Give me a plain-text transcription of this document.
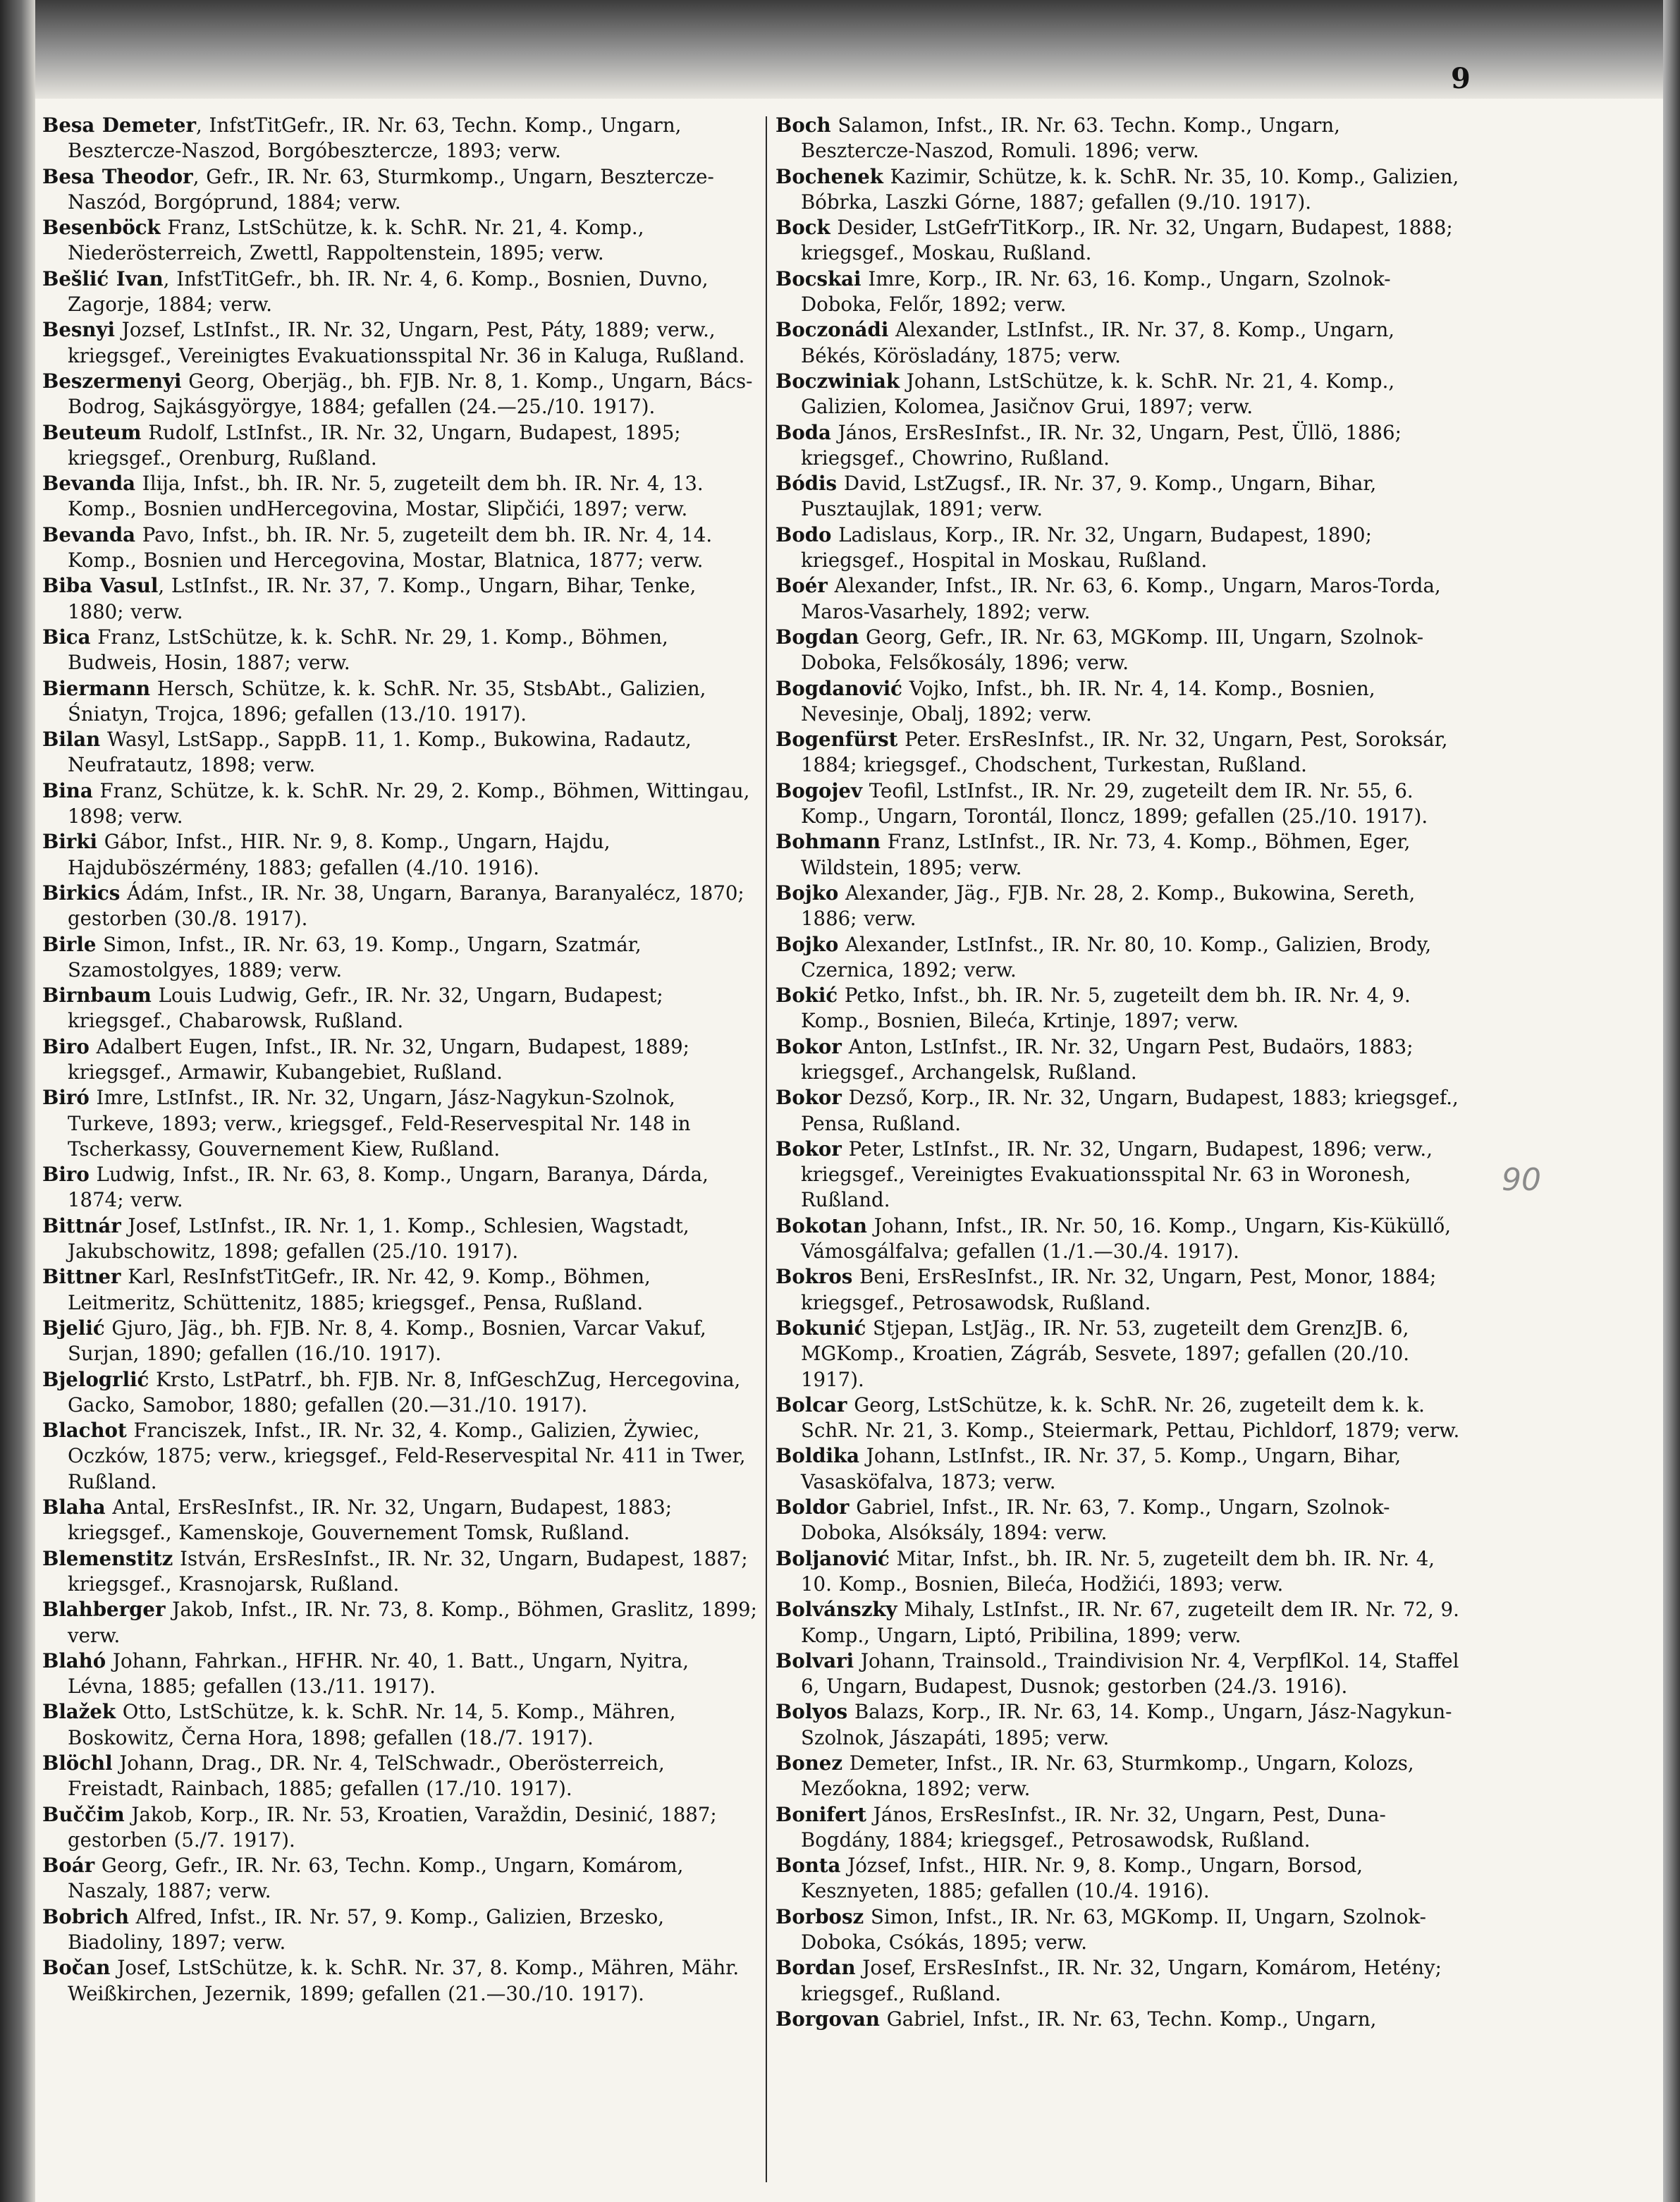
9
Besa Demeter, InfstTitGefr., IR. Nr. 63, Techn. Komp., Ungarn, Beszterczе-Naszod, Borgóbeszterczе, 1893; verw.
Besa Theodor, Gefr., IR. Nr. 63, Sturmkomp., Ungarn, Beszterczе-Naszód, Borgóprund, 1884; verw.
Besenböck Franz, LstSchütze, k. k. SchR. Nr. 21, 4. Komp., Niederösterreich, Zwettl, Rappoltenstein, 1895; verw.
Bešlić Ivan, InfstTitGefr., bh. IR. Nr. 4, 6. Komp., Bosnien, Duvno, Zagorje, 1884; verw.
Besnyi Jozsef, LstInfst., IR. Nr. 32, Ungarn, Pest, Páty, 1889; verw., kriegsgef., Vereinigtes Evakuationsspital Nr. 36 in Kaluga, Rußland.
Beszermenyi Georg, Oberjäg., bh. FJB. Nr. 8, 1. Komp., Ungarn, Bács-Bodrog, Sajkásgyörgye, 1884; gefallen (24.—25./10. 1917).
Beuteum Rudolf, LstInfst., IR. Nr. 32, Ungarn, Budapest, 1895; kriegsgef., Orenburg, Rußland.
Bevanda Ilija, Infst., bh. IR. Nr. 5, zugeteilt dem bh. IR. Nr. 4, 13. Komp., Bosnien undHercegovina, Mostar, Slipčići, 1897; verw.
Bevanda Pavo, Infst., bh. IR. Nr. 5, zugeteilt dem bh. IR. Nr. 4, 14. Komp., Bosnien und Hercegovina, Mostar, Blatnica, 1877; verw.
Biba Vasul, LstInfst., IR. Nr. 37, 7. Komp., Ungarn, Bihar, Tenke, 1880; verw.
Bica Franz, LstSchütze, k. k. SchR. Nr. 29, 1. Komp., Böhmen, Budweis, Hosin, 1887; verw.
Biermann Hersch, Schütze, k. k. SchR. Nr. 35, StsbAbt., Galizien, Śniatyn, Trojca, 1896; gefallen (13./10. 1917).
Bilan Wasyl, LstSapp., SappB. 11, 1. Komp., Bukowina, Radautz, Neufratautz, 1898; verw.
Bina Franz, Schütze, k. k. SchR. Nr. 29, 2. Komp., Böhmen, Wittingau, 1898; verw.
Birki Gábor, Infst., HIR. Nr. 9, 8. Komp., Ungarn, Hajdu, Hajduböszérmény, 1883; gefallen (4./10. 1916).
Birkics Ádám, Infst., IR. Nr. 38, Ungarn, Baranya, Baranyalécz, 1870; gestorben (30./8. 1917).
Birle Simon, Infst., IR. Nr. 63, 19. Komp., Ungarn, Szatmár, Szamostolgyes, 1889; verw.
Birnbaum Louis Ludwig, Gefr., IR. Nr. 32, Ungarn, Budapest; kriegsgef., Chabarowsk, Rußland.
Biro Adalbert Eugen, Infst., IR. Nr. 32, Ungarn, Budapest, 1889; kriegsgef., Armawir, Kubangebiet, Rußland.
Biró Imre, LstInfst., IR. Nr. 32, Ungarn, Jász-Nagykun-Szolnok, Turkeve, 1893; verw., kriegsgef., Feld-Reservespital Nr. 148 in Tscherkassy, Gouvernement Kiew, Rußland.
Biro Ludwig, Infst., IR. Nr. 63, 8. Komp., Ungarn, Baranya, Dárda, 1874; verw.
Bittnár Josef, LstInfst., IR. Nr. 1, 1. Komp., Schlesien, Wagstadt, Jakubschowitz, 1898; gefallen (25./10. 1917).
Bittner Karl, ResInfstTitGefr., IR. Nr. 42, 9. Komp., Böhmen, Leitmeritz, Schüttenitz, 1885; kriegsgef., Pensa, Rußland.
Bjelić Gjuro, Jäg., bh. FJB. Nr. 8, 4. Komp., Bosnien, Varcar Vakuf, Surjan, 1890; gefallen (16./10. 1917).
Bjelogrlić Krsto, LstPatrf., bh. FJB. Nr. 8, InfGeschZug, Hercegovina, Gacko, Samobor, 1880; gefallen (20.—31./10. 1917).
Blachot Franciszek, Infst., IR. Nr. 32, 4. Komp., Galizien, Żywiec, Oczków, 1875; verw., kriegsgef., Feld-Reservespital Nr. 411 in Twer, Rußland.
Blaha Antal, ErsResInfst., IR. Nr. 32, Ungarn, Budapest, 1883; kriegsgef., Kamenskoje, Gouvernement Tomsk, Rußland.
Blemenstitz István, ErsResInfst., IR. Nr. 32, Ungarn, Budapest, 1887; kriegsgef., Krasnojarsk, Rußland.
Blahberger Jakob, Infst., IR. Nr. 73, 8. Komp., Böhmen, Graslitz, 1899; verw.
Blahó Johann, Fahrkan., HFHR. Nr. 40, 1. Batt., Ungarn, Nyitra, Lévna, 1885; gefallen (13./11. 1917).
Blažek Otto, LstSchütze, k. k. SchR. Nr. 14, 5. Komp., Mähren, Boskowitz, Černa Hora, 1898; gefallen (18./7. 1917).
Blöchl Johann, Drag., DR. Nr. 4, TelSchwadr., Oberösterreich, Freistadt, Rainbach, 1885; gefallen (17./10. 1917).
Buččim Jakob, Korp., IR. Nr. 53, Kroatien, Varaždin, Desinić, 1887; gestorben (5./7. 1917).
Boár Georg, Gefr., IR. Nr. 63, Techn. Komp., Ungarn, Komárom, Naszaly, 1887; verw.
Bobrich Alfred, Infst., IR. Nr. 57, 9. Komp., Galizien, Brzesko, Biadoliny, 1897; verw.
Bočan Josef, LstSchütze, k. k. SchR. Nr. 37, 8. Komp., Mähren, Mähr. Weißkirchen, Jezernik, 1899; gefallen (21.—30./10. 1917).
Boch Salamon, Infst., IR. Nr. 63. Techn. Komp., Ungarn, Beszterczе-Naszod, Romuli. 1896; verw.
Bochenek Kazimir, Schütze, k. k. SchR. Nr. 35, 10. Komp., Galizien, Bóbrka, Laszki Górne, 1887; gefallen (9./10. 1917).
Bock Desider, LstGefrTitKorp., IR. Nr. 32, Ungarn, Budapest, 1888; kriegsgef., Moskau, Rußland.
Bocskai Imre, Korp., IR. Nr. 63, 16. Komp., Ungarn, Szolnok-Doboka, Felőr, 1892; verw.
Boczonádi Alexander, LstInfst., IR. Nr. 37, 8. Komp., Ungarn, Békés, Körösladány, 1875; verw.
Boczwiniak Johann, LstSchütze, k. k. SchR. Nr. 21, 4. Komp., Galizien, Kolomea, Jasičnov Grui, 1897; verw.
Boda János, ErsResInfst., IR. Nr. 32, Ungarn, Pest, Üllö, 1886; kriegsgef., Chowrino, Rußland.
Bódis David, LstZugsf., IR. Nr. 37, 9. Komp., Ungarn, Bihar, Pusztaujlak, 1891; verw.
Bodo Ladislaus, Korp., IR. Nr. 32, Ungarn, Budapest, 1890; kriegsgef., Hospital in Moskau, Rußland.
Boér Alexander, Infst., IR. Nr. 63, 6. Komp., Ungarn, Maros-Torda, Maros-Vasarhely, 1892; verw.
Bogdan Georg, Gefr., IR. Nr. 63, MGKomp. III, Ungarn, Szolnok-Doboka, Felsőkosály, 1896; verw.
Bogdanović Vojko, Infst., bh. IR. Nr. 4, 14. Komp., Bosnien, Nevesinje, Obalj, 1892; verw.
Bogenfürst Peter. ErsResInfst., IR. Nr. 32, Ungarn, Pest, Soroksár, 1884; kriegsgef., Chodschent, Turkestan, Rußland.
Bogojev Teofil, LstInfst., IR. Nr. 29, zugeteilt dem IR. Nr. 55, 6. Komp., Ungarn, Torontál, Ilonсz, 1899; gefallen (25./10. 1917).
Bohmann Franz, LstInfst., IR. Nr. 73, 4. Komp., Böhmen, Eger, Wildstein, 1895; verw.
Bojko Alexander, Jäg., FJB. Nr. 28, 2. Komp., Bukowina, Sereth, 1886; verw.
Bojko Alexander, LstInfst., IR. Nr. 80, 10. Komp., Galizien, Brody, Czernica, 1892; verw.
Bokić Petko, Infst., bh. IR. Nr. 5, zugeteilt dem bh. IR. Nr. 4, 9. Komp., Bosnien, Bileća, Krtinje, 1897; verw.
Bokor Anton, LstInfst., IR. Nr. 32, Ungarn Pest, Budaörs, 1883; kriegsgef., Archangelsk, Rußland.
Bokor Dezső, Korp., IR. Nr. 32, Ungarn, Budapest, 1883; kriegsgef., Pensa, Rußland.
Bokor Peter, LstInfst., IR. Nr. 32, Ungarn, Budapest, 1896; verw., kriegsgef., Vereinigtes Evakuationsspital Nr. 63 in Woronesh, Rußland.
Bokotan Johann, Infst., IR. Nr. 50, 16. Komp., Ungarn, Kis-Küküllő, Vámosgálfalva; gefallen (1./1.—30./4. 1917).
Bokros Beni, ErsResInfst., IR. Nr. 32, Ungarn, Pest, Monor, 1884; kriegsgef., Petrosawodsk, Rußland.
Bokunić Stjepan, LstJäg., IR. Nr. 53, zugeteilt dem GrenzJB. 6, MGKomp., Kroatien, Zágráb, Sesvete, 1897; gefallen (20./10. 1917).
Bolcar Georg, LstSchütze, k. k. SchR. Nr. 26, zugeteilt dem k. k. SchR. Nr. 21, 3. Komp., Steiermark, Pettau, Pichldorf, 1879; verw.
Boldika Johann, LstInfst., IR. Nr. 37, 5. Komp., Ungarn, Bihar, Vasasköfalva, 1873; verw.
Boldor Gabriel, Infst., IR. Nr. 63, 7. Komp., Ungarn, Szolnok-Doboka, Alsóksály, 1894: verw.
Boljanović Mitar, Infst., bh. IR. Nr. 5, zugeteilt dem bh. IR. Nr. 4, 10. Komp., Bosnien, Bileća, Hodžići, 1893; verw.
Bolvánszky Mihaly, LstInfst., IR. Nr. 67, zugeteilt dem IR. Nr. 72, 9. Komp., Ungarn, Liptó, Pribilina, 1899; verw.
Bolvari Johann, Trainsold., Traindivision Nr. 4, VerpflKol. 14, Staffel 6, Ungarn, Budapest, Dusnok; gestorben (24./3. 1916).
Bolyos Balazs, Korp., IR. Nr. 63, 14. Komp., Ungarn, Jász-Nagykun-Szolnok, Jászapáti, 1895; verw.
Bonez Demeter, Infst., IR. Nr. 63, Sturmkomp., Ungarn, Kolozs, Mezőokna, 1892; verw.
Bonifert János, ErsResInfst., IR. Nr. 32, Ungarn, Pest, Dunа-Bogdány, 1884; kriegsgef., Petrosawodsk, Rußland.
Bonta József, Infst., HIR. Nr. 9, 8. Komp., Ungarn, Borsod, Kesznyeten, 1885; gefallen (10./4. 1916).
Borbosz Simon, Infst., IR. Nr. 63, MGKomp. II, Ungarn, Szolnok-Doboka, Csókás, 1895; verw.
Bordan Josef, ErsResInfst., IR. Nr. 32, Ungarn, Komárom, Hetény; kriegsgef., Rußland.
Borgovan Gabriel, Infst., IR. Nr. 63, Techn. Komp., Ungarn,
90
